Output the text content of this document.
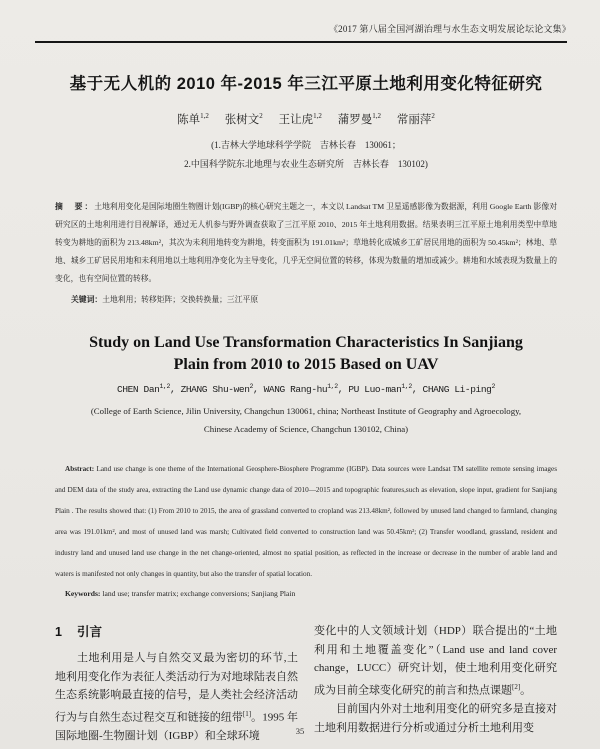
《2017 第八届全国河湖治理与水生态文明发展论坛论文集》
基于无人机的 2010 年-2015 年三江平原土地利用变化特征研究
陈单$^{1,2}$ 张树文$^2$ 王让虎$^{1,2}$ 蒲罗曼$^{1,2}$ 常丽萍$^2$
(1.吉林大学地球科学学院　吉林长春　130061；
2.中国科学院东北地理与农业生态研究所　吉林长春　130102)

摘　要：土地利用变化是国际地圈生物圈计划(IGBP)的核心研究主题之一，本文以 Landsat TM 卫星遥感影像为数据源，利用 Google Earth 影像对研究区的土地利用进行目视解译，通过无人机参与野外调查获取了三江平原 2010、2015 年土地利用数据。结果表明三江平原土地利用类型中草地转变为耕地的面积为 213.48km²，其次为未利用地转变为耕地，转变面积为 191.01km²；草地转化成城乡工矿居民用地的面积为 50.45km²；林地、草地、城乡工矿居民用地和未利用地以土地利用净变化为主导变化，几乎无空间位置的转移，体现为数量的增加或减少。耕地和水域表现为数量上的变化，也有空间位置的转移。

关键词：土地利用；转移矩阵；交换转换量；三江平原

Study on Land Use Transformation Characteristics In Sanjiang
Plain from 2010 to 2015 Based on UAV
CHEN Dan$^{1,2}$, ZHANG Shu-wen$^2$, WANG Rang-hu$^{1,2}$, PU Luo-man$^{1,2}$, CHANG Li-ping$^2$
(College of Earth Science, Jilin University, Changchun 130061, china; Northeast Institute of Geography and Agroecology,
Chinese Academy of Science, Changchun 130102, China)

Abstract: Land use change is one theme of the International Geosphere-Biosphere Programme (IGBP). Data sources were Landsat TM satellite remote sensing images and DEM data of the study area, extracting the Land use dynamic change data of 2010—2015 and topographic features,such as elevation, slope input, gradient for Sanjiang Plain . The results showed that: (1) From 2010 to 2015, the area of grassland converted to cropland was 213.48km², followed by unused land changed to farmland, changing area was 191.01km², and most of unused land was marsh; Cultivated field converted to construction land was 50.45km²; (2) Transfer woodland, grassland, resident and industry land and unused land use change in the net change-oriented, almost no spatial position, as reflected in the increase or decrease in the number of arable land and waters is manifested not only changes in quantity, but also the transfer of spatial location.

Keywords: land use; transfer matrix; exchange conversions; Sanjiang Plain

1 引言

土地利用是人与自然交叉最为密切的环节,土地利用变化作为表征人类活动行为对地球陆表自然生态系统影响最直接的信号，是人类社会经济活动行为与自然生态过程交互和链接的纽带[1]。1995 年国际地圈-生物圈计划（IGBP）和全球环境

变化中的人文领域计划（HDP）联合提出的“土地利用和土地覆盖变化”（Land use and land cover change，LUCC）研究计划，使土地利用变化研究成为目前全球变化研究的前言和热点课题[2]。

目前国内外对土地利用变化的研究多是直接对土地利用数据进行分析或通过分析土地利用变

35
